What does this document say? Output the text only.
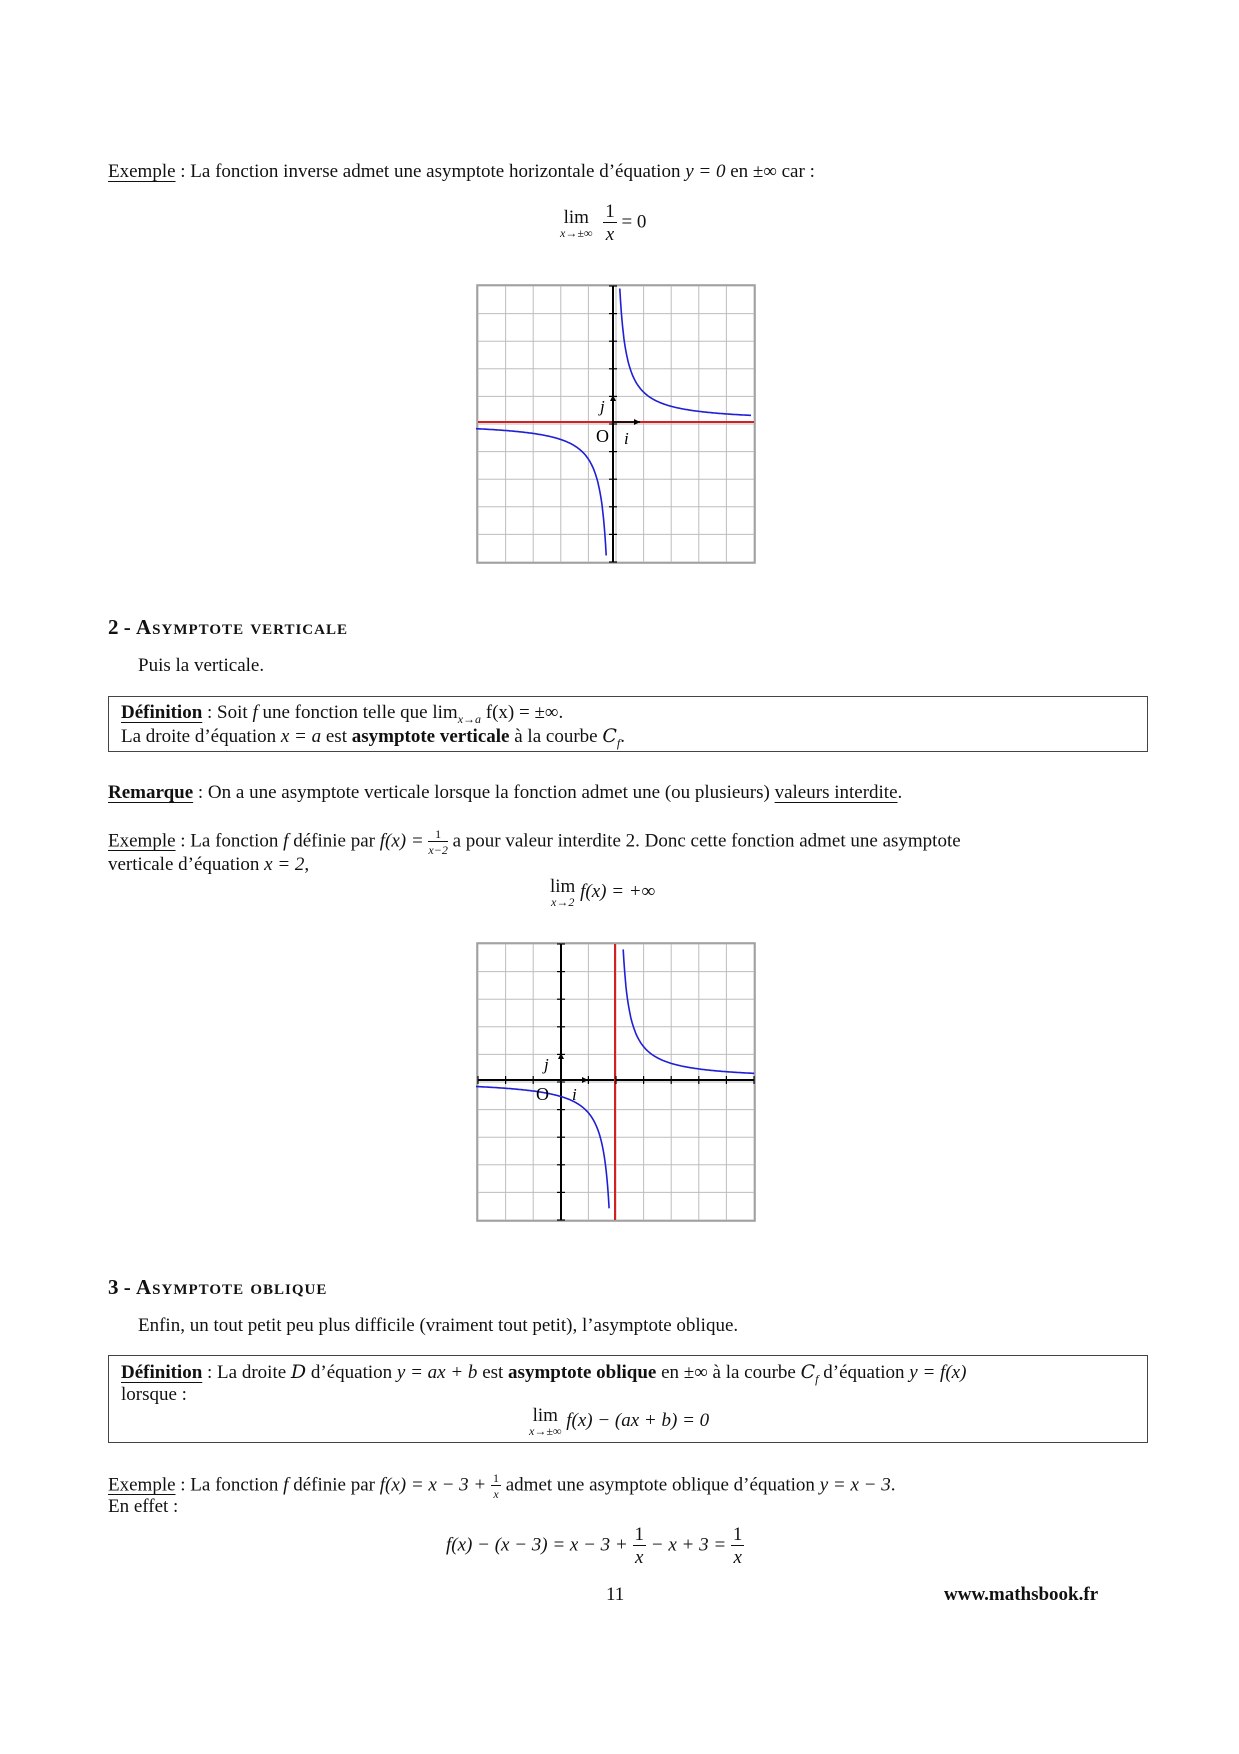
Exemple : La fonction inverse admet une asymptote horizontale d’équation y = 0 en ±∞ car :
lim
x→±∞
$\frac{1}{x} = 0$
O i
j
2 - Asymptote verticale
Puis la verticale.
Définition : Soit f une fonction telle que $\lim_{x\to a} f(x)$ = ±∞.
La droite d’équation x = a est asymptote verticale à la courbe $C_f$.
Remarque : On a une asymptote verticale lorsque la fonction admet une (ou plusieurs) valeurs interdite.
Exemple : La fonction f définie par $f(x) = \frac{1}{x-2}$ a pour valeur interdite 2. Donc cette fonction admet une asymptote
verticale d’équation x = 2,
lim
x→2
f(x) = +∞
O i
j
3 - Asymptote oblique
Enfin, un tout petit peu plus difficile (vraiment tout petit), l’asymptote oblique.
Définition : La droite D d’équation y = ax + b est asymptote oblique en ±∞ à la courbe $C_f$ d’équation y = f(x)
lorsque :
lim
x→±∞
f(x) − (ax + b) = 0
Exemple : La fonction f définie par $f(x) = x - 3 + \frac{1}{x}$ admet une asymptote oblique d’équation y = x − 3.
En effet :
$f(x) - (x - 3) = x - 3 + \frac{1}{x} - x + 3 = \frac{1}{x}$
11	www.mathsbook.fr
